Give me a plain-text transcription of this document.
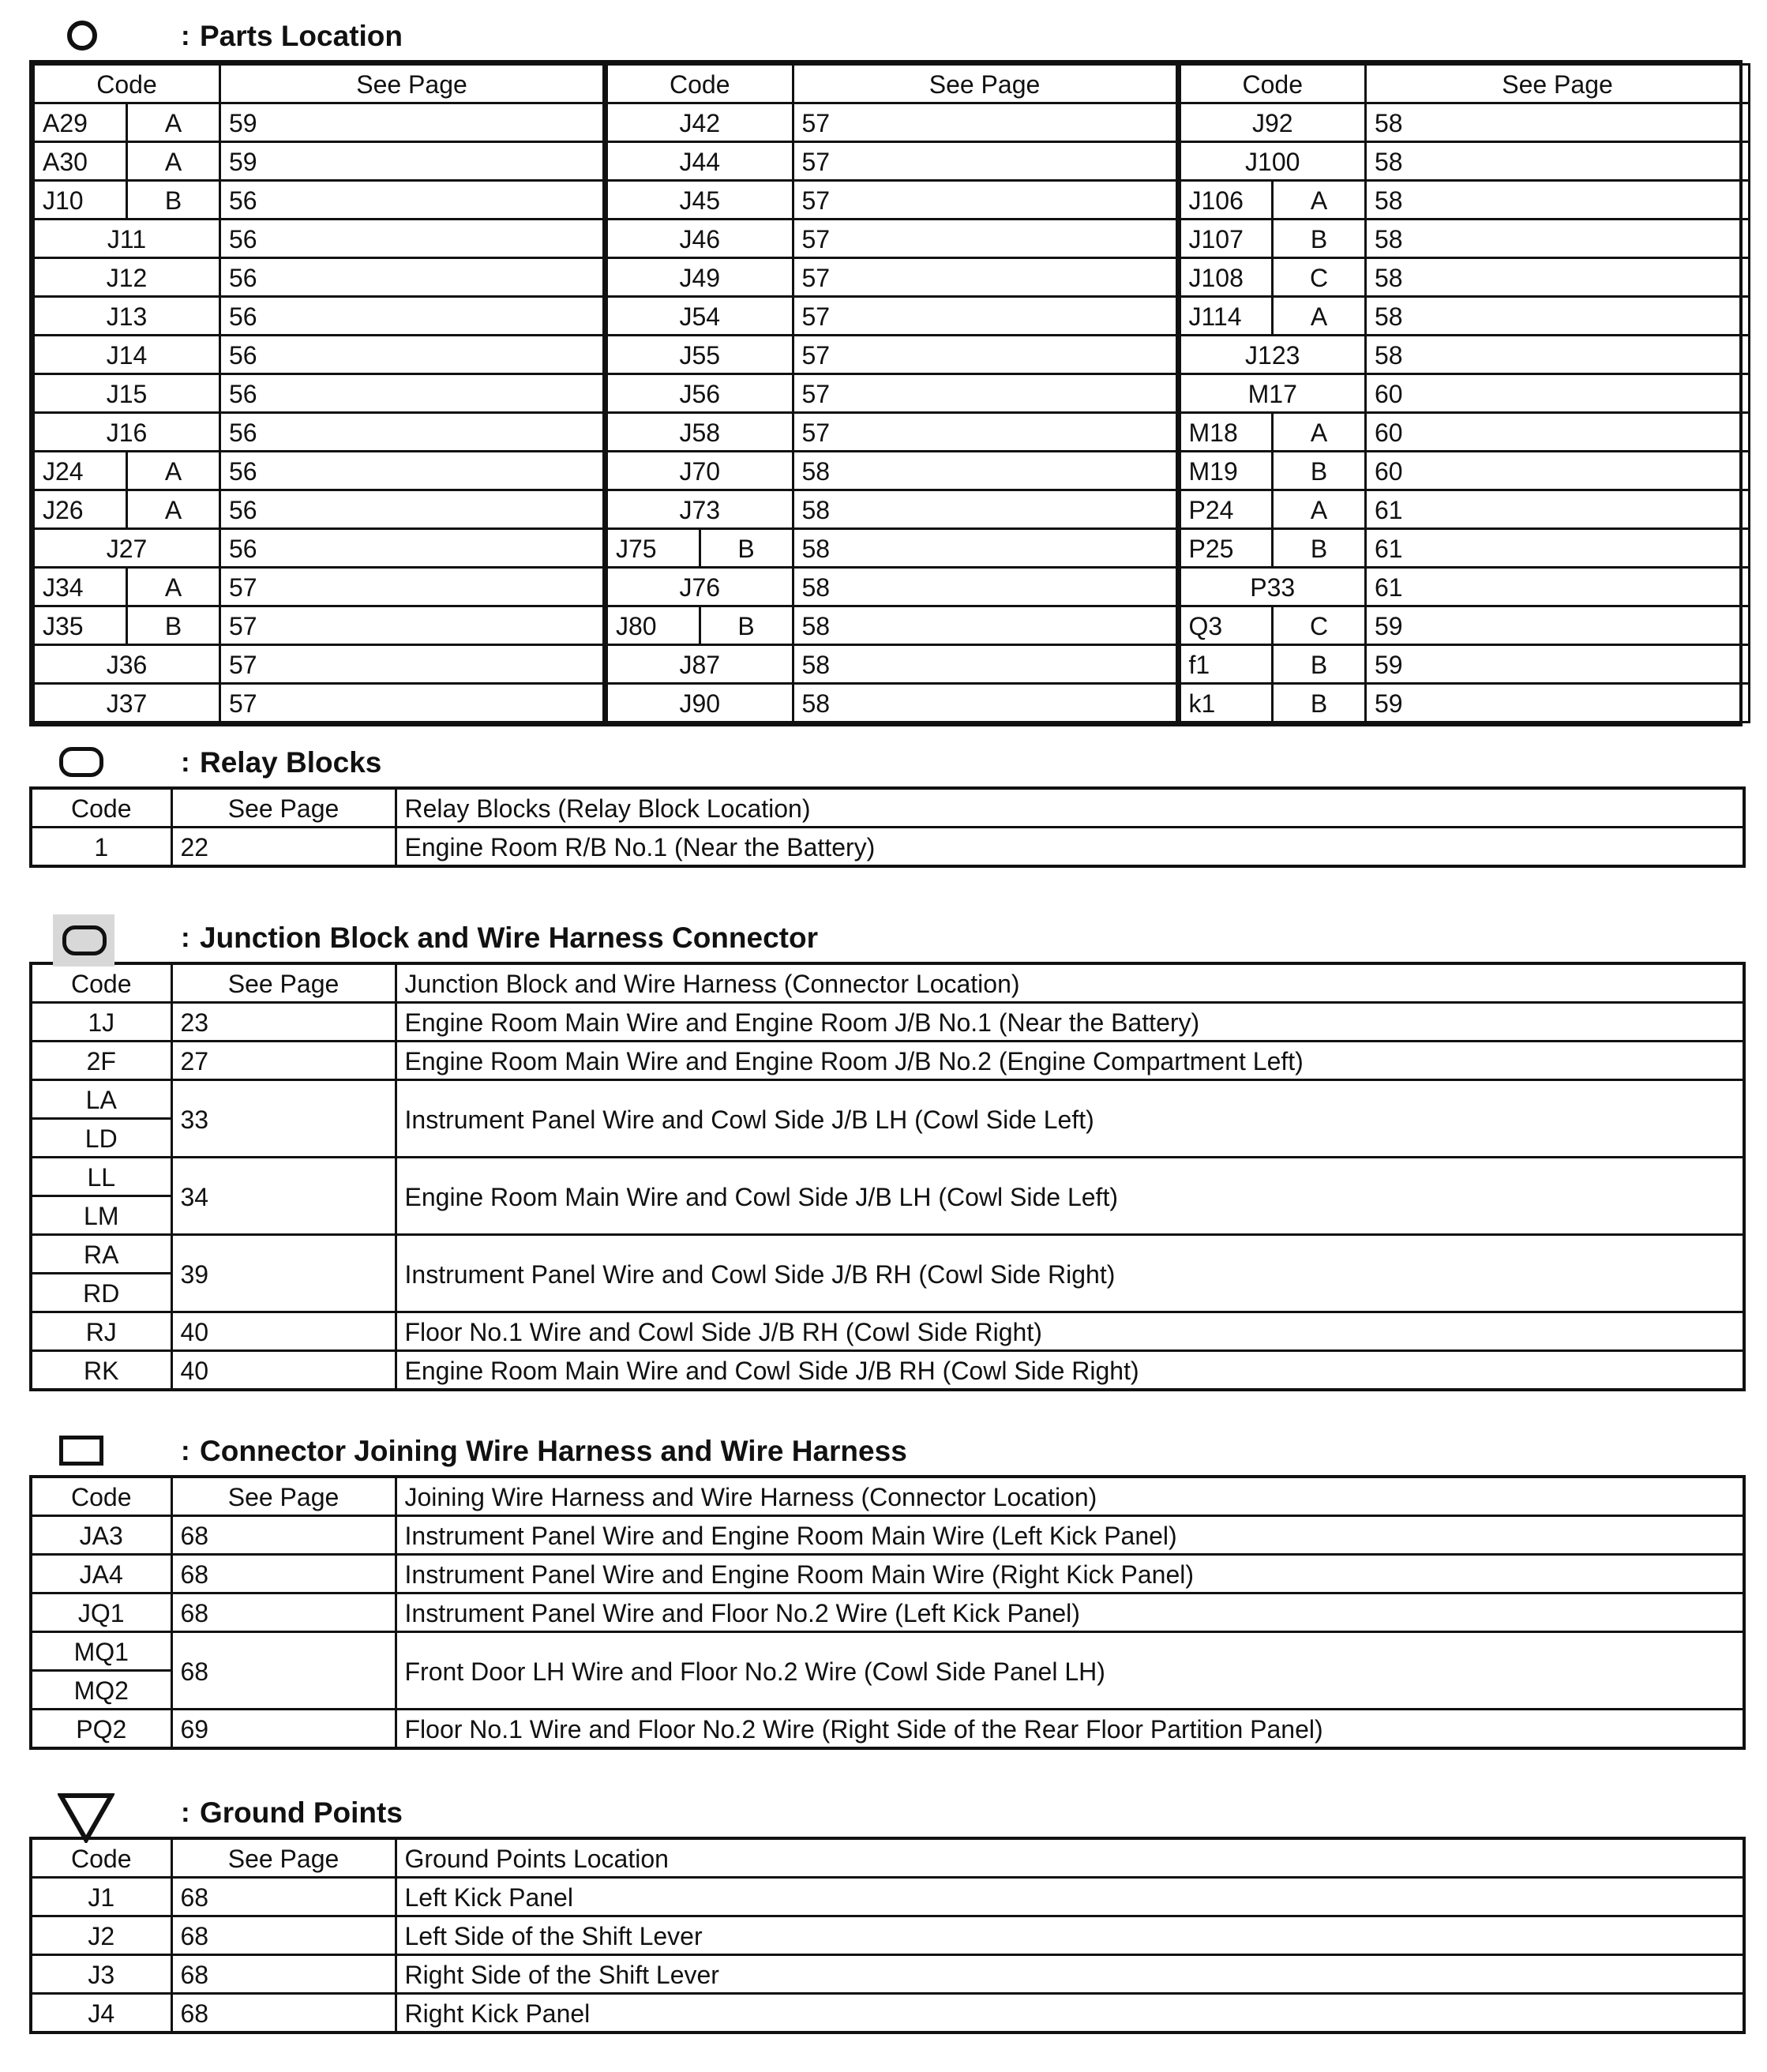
: Parts Location
Code		See Page
A29	A	59
A30	A	59
J10	B	56
J11		56
J12		56
J13		56
J14		56
J15		56
J16		56
J24	A	56
J26	A	56
J27		56
J34	A	57
J35	B	57
J36		57
J37		57
Code		See Page
J42		57
J44		57
J45		57
J46		57
J49		57
J54		57
J55		57
J56		57
J58		57
J70		58
J73		58
J75	B	58
J76		58
J80	B	58
J87		58
J90		58
Code		See Page
J92		58
J100		58
J106	A	58
J107	B	58
J108	C	58
J114	A	58
J123		58
M17		60
M18	A	60
M19	B	60
P24	A	61
P25	B	61
P33		61
Q3	C	59
f1	B	59
k1	B	59
: Relay Blocks
Code	See Page	Relay Blocks (Relay Block Location)
1	22	Engine Room R/B No.1 (Near the Battery)
: Junction Block and Wire Harness Connector
Code	See Page	Junction Block and Wire Harness (Connector Location)
1J	23	Engine Room Main Wire and Engine Room J/B No.1 (Near the Battery)
2F	27	Engine Room Main Wire and Engine Room J/B No.2 (Engine Compartment Left)
LA	33	Instrument Panel Wire and Cowl Side J/B LH (Cowl Side Left)
LD		
LL	34	Engine Room Main Wire and Cowl Side J/B LH (Cowl Side Left)
LM		
RA	39	Instrument Panel Wire and Cowl Side J/B RH (Cowl Side Right)
RD		
RJ	40	Floor No.1 Wire and Cowl Side J/B RH (Cowl Side Right)
RK	40	Engine Room Main Wire and Cowl Side J/B RH (Cowl Side Right)
: Connector Joining Wire Harness and Wire Harness
Code	See Page	Joining Wire Harness and Wire Harness (Connector Location)
JA3	68	Instrument Panel Wire and Engine Room Main Wire (Left Kick Panel)
JA4	68	Instrument Panel Wire and Engine Room Main Wire (Right Kick Panel)
JQ1	68	Instrument Panel Wire and Floor No.2 Wire (Left Kick Panel)
MQ1	68	Front Door LH Wire and Floor No.2 Wire (Cowl Side Panel LH)
MQ2		
PQ2	69	Floor No.1 Wire and Floor No.2 Wire (Right Side of the Rear Floor Partition Panel)
: Ground Points
Code	See Page	Ground Points Location
J1	68	Left Kick Panel
J2	68	Left Side of the Shift Lever
J3	68	Right Side of the Shift Lever
J4	68	Right Kick Panel
